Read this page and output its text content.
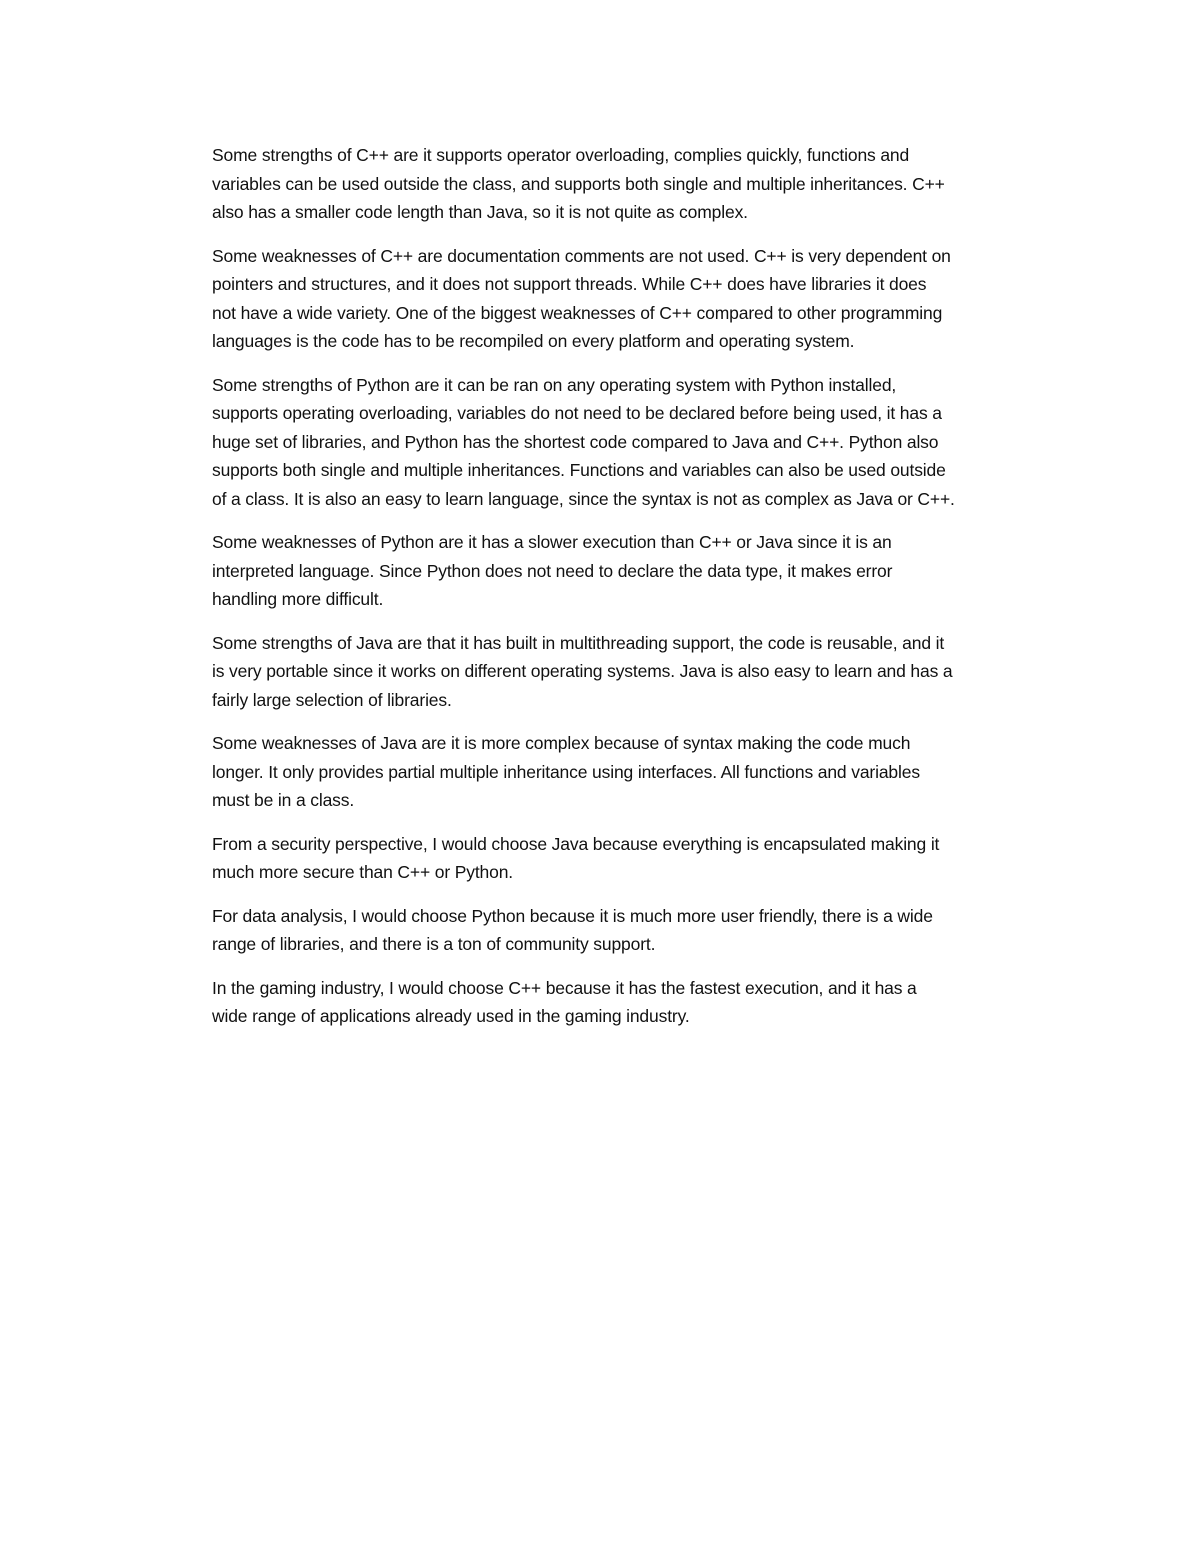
Some strengths of C++ are it supports operator overloading, complies quickly, functions and
variables can be used outside the class, and supports both single and multiple inheritances. C++
also has a smaller code length than Java, so it is not quite as complex.

Some weaknesses of C++ are documentation comments are not used. C++ is very dependent on
pointers and structures, and it does not support threads. While C++ does have libraries it does
not have a wide variety. One of the biggest weaknesses of C++ compared to other programming
languages is the code has to be recompiled on every platform and operating system.

Some strengths of Python are it can be ran on any operating system with Python installed,
supports operating overloading, variables do not need to be declared before being used, it has a
huge set of libraries, and Python has the shortest code compared to Java and C++. Python also
supports both single and multiple inheritances. Functions and variables can also be used outside
of a class. It is also an easy to learn language, since the syntax is not as complex as Java or C++.

Some weaknesses of Python are it has a slower execution than C++ or Java since it is an
interpreted language. Since Python does not need to declare the data type, it makes error
handling more difficult.

Some strengths of Java are that it has built in multithreading support, the code is reusable, and it
is very portable since it works on different operating systems. Java is also easy to learn and has a
fairly large selection of libraries.

Some weaknesses of Java are it is more complex because of syntax making the code much
longer. It only provides partial multiple inheritance using interfaces. All functions and variables
must be in a class.

From a security perspective, I would choose Java because everything is encapsulated making it
much more secure than C++ or Python.

For data analysis, I would choose Python because it is much more user friendly, there is a wide
range of libraries, and there is a ton of community support.

In the gaming industry, I would choose C++ because it has the fastest execution, and it has a
wide range of applications already used in the gaming industry.
